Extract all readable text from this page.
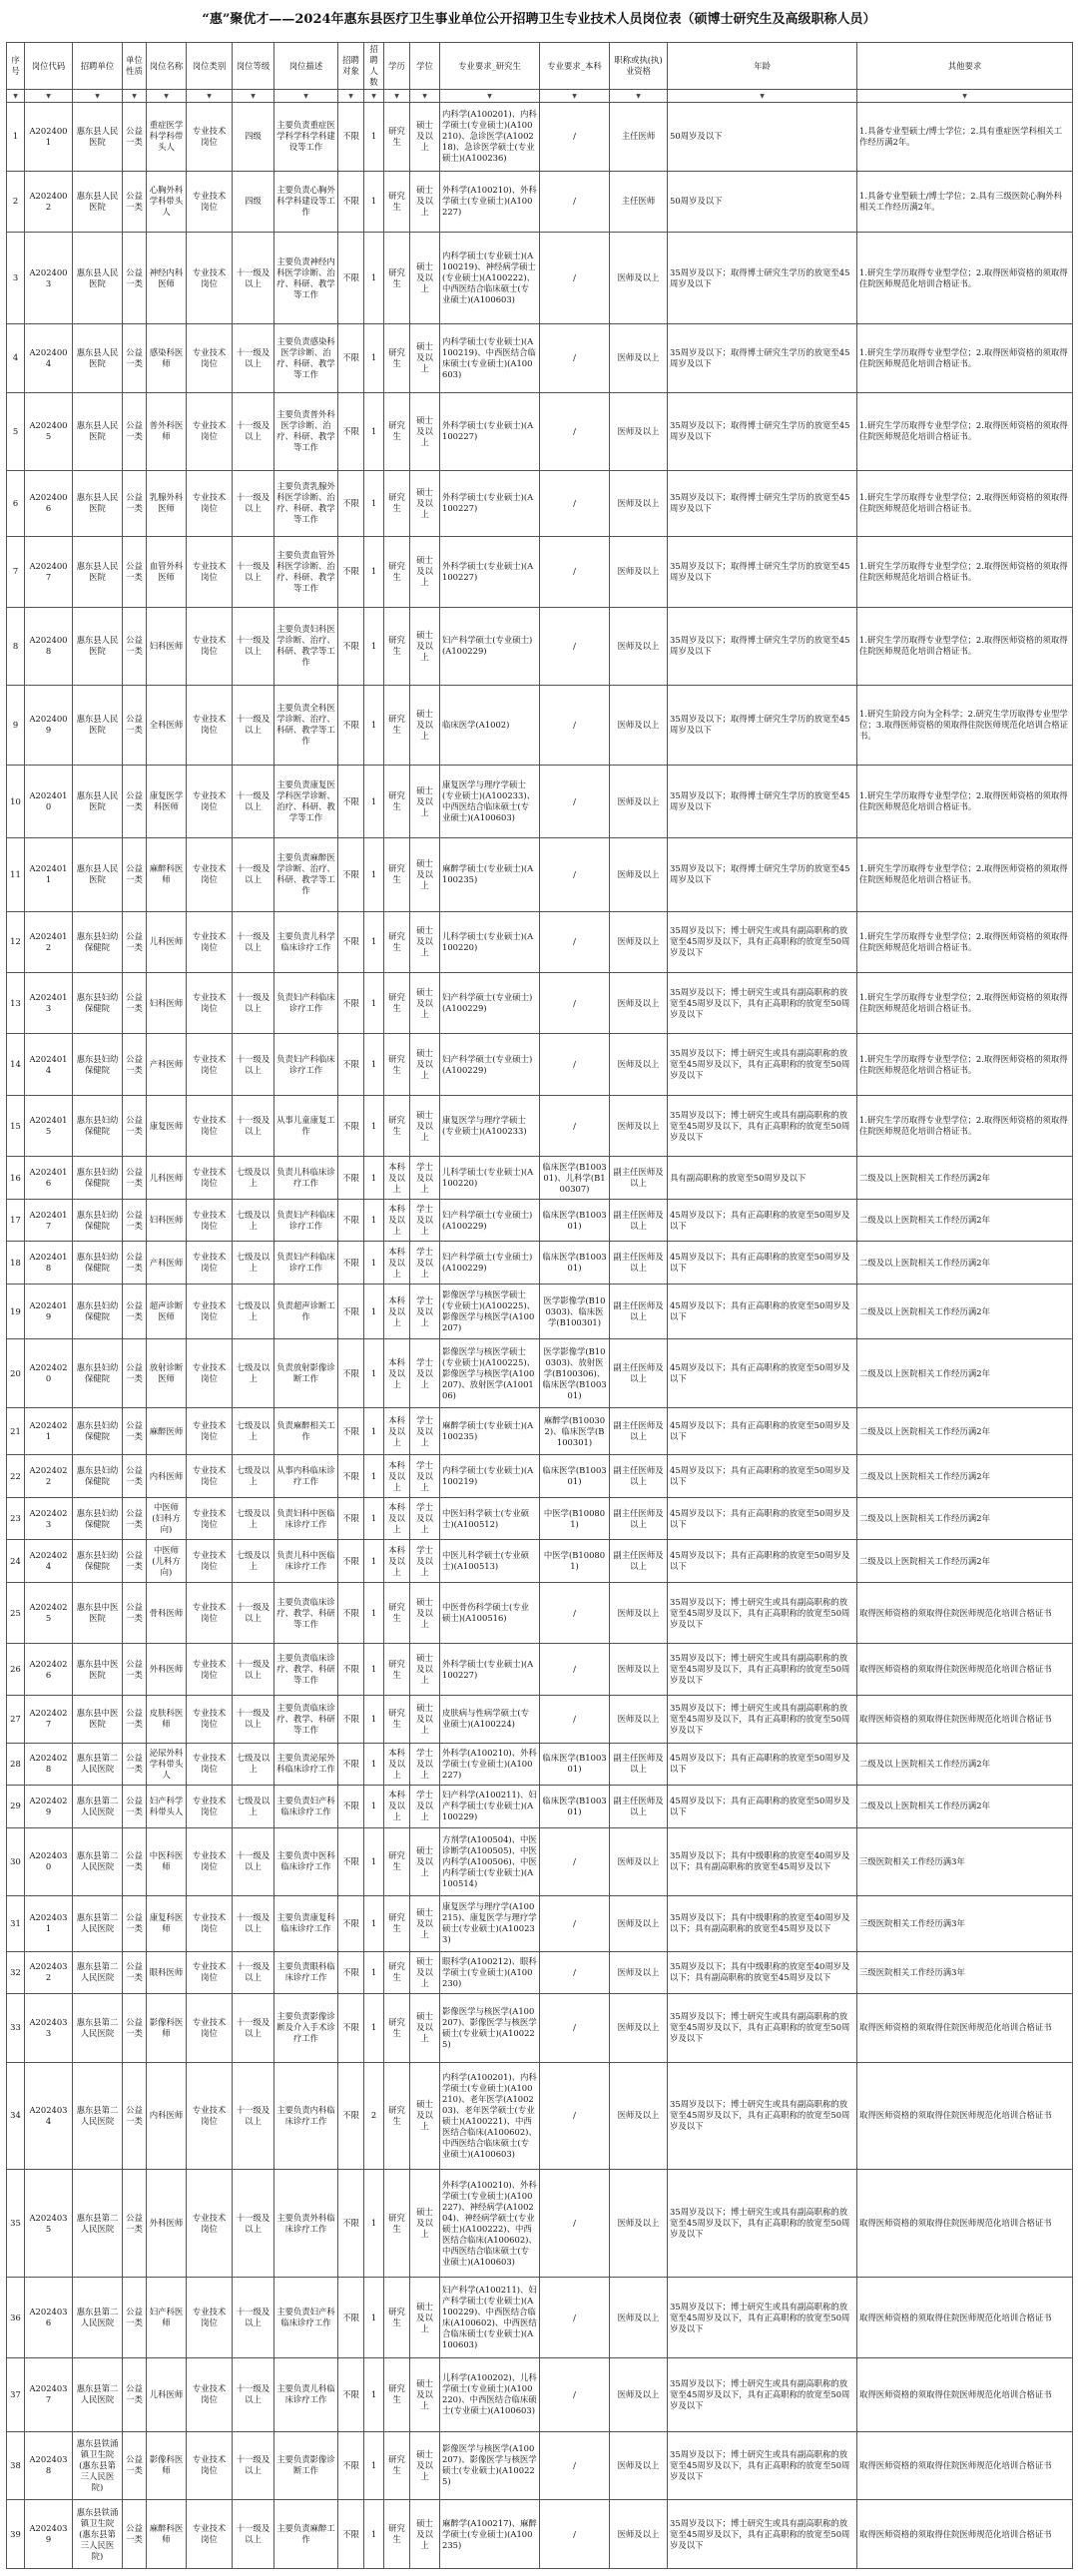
“惠”聚优才——2024年惠东县医疗卫生事业单位公开招聘卫生专业技术人员岗位表（硕博士研究生及高级职称人员）
序号	岗位代码	招聘单位	单位性质	岗位名称	岗位类别	岗位等级	岗位描述	招聘对象	招聘人数	学历	学位	专业要求_研究生	专业要求_本科	职称或执(执)业资格	年龄	其他要求
▼	▼	▼	▼	▼	▼	▼	▼	▼	▼	▼	▼	▼	▼	▼	▼	▼
1	A2024001	惠东县人民医院	公益一类	重症医学科学科带头人	专业技术岗位	四级	主要负责重症医学科学科学科建设等工作	不限	1	研究生	硕士及以上	内科学(A100201)、内科学硕士(专业硕士)(A100210)、急诊医学(A100218)、急诊医学硕士(专业硕士)(A100236)	/	主任医师	50周岁及以下	1.具备专业型硕士/博士学位；2.具有重症医学科相关工作经历满2年。
2	A2024002	惠东县人民医院	公益一类	心胸外科学科带头人	专业技术岗位	四级	主要负责心胸外科学科建设等工作	不限	1	研究生	硕士及以上	外科学(A100210)、外科学硕士(专业硕士)(A100227)	/	主任医师	50周岁及以下	1.具备专业型硕士/博士学位；2.具有三级医院心胸外科相关工作经历满2年。
3	A2024003	惠东县人民医院	公益一类	神经内科医师	专业技术岗位	十一级及以上	主要负责神经内科医学诊断、治疗、科研、教学等工作	不限	1	研究生	硕士及以上	内科学硕士(专业硕士)(A100219)、神经病学硕士(专业硕士)(A100222)、中西医结合临床硕士(专业硕士)(A100603)	/	医师及以上	35周岁及以下；取得博士研究生学历的放宽至45周岁及以下	1.研究生学历取得专业型学位；2.取得医师资格的须取得住院医师规范化培训合格证书。
4	A2024004	惠东县人民医院	公益一类	感染科医师	专业技术岗位	十一级及以上	主要负责感染科医学诊断、治疗、科研、教学等工作	不限	1	研究生	硕士及以上	内科学硕士(专业硕士)(A100219)、中西医结合临床硕士(专业硕士)(A100603)	/	医师及以上	35周岁及以下；取得博士研究生学历的放宽至45周岁及以下	1.研究生学历取得专业型学位；2.取得医师资格的须取得住院医师规范化培训合格证书。
5	A2024005	惠东县人民医院	公益一类	普外科医师	专业技术岗位	十一级及以上	主要负责普外科医学诊断、治疗、科研、教学等工作	不限	1	研究生	硕士及以上	外科学硕士(专业硕士)(A100227)	/	医师及以上	35周岁及以下；取得博士研究生学历的放宽至45周岁及以下	1.研究生学历取得专业型学位；2.取得医师资格的须取得住院医师规范化培训合格证书。
6	A2024006	惠东县人民医院	公益一类	乳腺外科医师	专业技术岗位	十一级及以上	主要负责乳腺外科医学诊断、治疗、科研、教学等工作	不限	1	研究生	硕士及以上	外科学硕士(专业硕士)(A100227)	/	医师及以上	35周岁及以下；取得博士研究生学历的放宽至45周岁及以下	1.研究生学历取得专业型学位；2.取得医师资格的须取得住院医师规范化培训合格证书。
7	A2024007	惠东县人民医院	公益一类	血管外科医师	专业技术岗位	十一级及以上	主要负责血管外科医学诊断、治疗、科研、教学等工作	不限	1	研究生	硕士及以上	外科学硕士(专业硕士)(A100227)	/	医师及以上	35周岁及以下；取得博士研究生学历的放宽至45周岁及以下	1.研究生学历取得专业型学位；2.取得医师资格的须取得住院医师规范化培训合格证书。
8	A2024008	惠东县人民医院	公益一类	妇科医师	专业技术岗位	十一级及以上	主要负责妇科医学诊断、治疗、科研、教学等工作	不限	1	研究生	硕士及以上	妇产科学硕士(专业硕士)(A100229)	/	医师及以上	35周岁及以下；取得博士研究生学历的放宽至45周岁及以下	1.研究生学历取得专业型学位；2.取得医师资格的须取得住院医师规范化培训合格证书。
9	A2024009	惠东县人民医院	公益一类	全科医师	专业技术岗位	十一级及以上	主要负责全科医学诊断、治疗、科研、教学等工作	不限	1	研究生	硕士及以上	临床医学(A1002)	/	医师及以上	35周岁及以下；取得博士研究生学历的放宽至45周岁及以下	1.研究生阶段方向为全科学；2.研究生学历取得专业型学位；3.取得医师资格的须取得住院医师规范化培训合格证书。
10	A2024010	惠东县人民医院	公益一类	康复医学科医师	专业技术岗位	十一级及以上	主要负责康复医学科医学诊断、治疗、科研、教学等工作	不限	1	研究生	硕士及以上	康复医学与理疗学硕士(专业硕士)(A100233)、中西医结合临床硕士(专业硕士)(A100603)	/	医师及以上	35周岁及以下；取得博士研究生学历的放宽至45周岁及以下	1.研究生学历取得专业型学位；2.取得医师资格的须取得住院医师规范化培训合格证书。
11	A2024011	惠东县人民医院	公益一类	麻醉科医师	专业技术岗位	十一级及以上	主要负责麻醉医学诊断、治疗、科研、教学等工作	不限	1	研究生	硕士及以上	麻醉学硕士(专业硕士)(A100235)	/	医师及以上	35周岁及以下；取得博士研究生学历的放宽至45周岁及以下	1.研究生学历取得专业型学位；2.取得医师资格的须取得住院医师规范化培训合格证书。
12	A2024012	惠东县妇幼保健院	公益一类	儿科医师	专业技术岗位	十一级及以上	主要负责儿科学临床诊疗工作	不限	1	研究生	硕士及以上	儿科学硕士(专业硕士)(A100220)	/	医师及以上	35周岁及以下；博士研究生或具有副高职称的放宽至45周岁及以下，具有正高职称的放宽至50周岁及以下	1.研究生学历取得专业型学位；2.取得医师资格的须取得住院医师规范化培训合格证书。
13	A2024013	惠东县妇幼保健院	公益一类	妇科医师	专业技术岗位	十一级及以上	负责妇产科临床诊疗工作	不限	1	研究生	硕士及以上	妇产科学硕士(专业硕士)(A100229)	/	医师及以上	35周岁及以下；博士研究生或具有副高职称的放宽至45周岁及以下，具有正高职称的放宽至50周岁及以下	1.研究生学历取得专业型学位；2.取得医师资格的须取得住院医师规范化培训合格证书。
14	A2024014	惠东县妇幼保健院	公益一类	产科医师	专业技术岗位	十一级及以上	负责妇产科临床诊疗工作	不限	1	研究生	硕士及以上	妇产科学硕士(专业硕士)(A100229)	/	医师及以上	35周岁及以下；博士研究生或具有副高职称的放宽至45周岁及以下，具有正高职称的放宽至50周岁及以下	1.研究生学历取得专业型学位；2.取得医师资格的须取得住院医师规范化培训合格证书。
15	A2024015	惠东县妇幼保健院	公益一类	康复医师	专业技术岗位	十一级及以上	从事儿童康复工作	不限	1	研究生	硕士及以上	康复医学与理疗学硕士(专业硕士)(A100233)	/	医师及以上	35周岁及以下；博士研究生或具有副高职称的放宽至45周岁及以下，具有正高职称的放宽至50周岁及以下	1.研究生学历取得专业型学位；2.取得医师资格的须取得住院医师规范化培训合格证书。
16	A2024016	惠东县妇幼保健院	公益一类	儿科医师	专业技术岗位	七级及以上	负责儿科临床诊疗工作	不限	1	本科及以上	学士及以上	儿科学硕士(专业硕士)(A100220)	临床医学(B100301)、儿科学(B100307)	副主任医师及以上	具有副高职称的放宽至50周岁及以下	二级及以上医院相关工作经历满2年
17	A2024017	惠东县妇幼保健院	公益一类	妇科医师	专业技术岗位	七级及以上	负责妇产科临床诊疗工作	不限	1	本科及以上	学士及以上	妇产科学硕士(专业硕士)(A100229)	临床医学(B100301)	副主任医师及以上	45周岁及以下；具有正高职称的放宽至50周岁及以下	二级及以上医院相关工作经历满2年
18	A2024018	惠东县妇幼保健院	公益一类	产科医师	专业技术岗位	七级及以上	负责妇产科临床诊疗工作	不限	1	本科及以上	学士及以上	妇产科学硕士(专业硕士)(A100229)	临床医学(B100301)	副主任医师及以上	45周岁及以下；具有正高职称的放宽至50周岁及以下	二级及以上医院相关工作经历满2年
19	A2024019	惠东县妇幼保健院	公益一类	超声诊断医师	专业技术岗位	七级及以上	负责超声诊断工作	不限	1	本科及以上	学士及以上	影像医学与核医学硕士(专业硕士)(A100225)、影像医学与核医学(A100207)	医学影像学(B100303)、临床医学(B100301)	副主任医师及以上	45周岁及以下；具有正高职称的放宽至50周岁及以下	二级及以上医院相关工作经历满2年
20	A2024020	惠东县妇幼保健院	公益一类	放射诊断医师	专业技术岗位	七级及以上	负责放射影像诊断工作	不限	1	本科及以上	学士及以上	影像医学与核医学硕士(专业硕士)(A100225)、影像医学与核医学(A100207)、放射医学(A100106)	医学影像学(B100303)、放射医学(B100306)、临床医学(B100301)	副主任医师及以上	45周岁及以下；具有正高职称的放宽至50周岁及以下	二级及以上医院相关工作经历满2年
21	A2024021	惠东县妇幼保健院	公益一类	麻醉医师	专业技术岗位	七级及以上	负责麻醉相关工作	不限	1	本科及以上	学士及以上	麻醉学硕士(专业硕士)(A100235)	麻醉学(B100302)、临床医学(B100301)	副主任医师及以上	45周岁及以下；具有正高职称的放宽至50周岁及以下	二级及以上医院相关工作经历满2年
22	A2024022	惠东县妇幼保健院	公益一类	内科医师	专业技术岗位	七级及以上	从事内科临床诊疗工作	不限	1	本科及以上	学士及以上	内科学硕士(专业硕士)(A100219)	临床医学(B100301)	副主任医师及以上	45周岁及以下；具有正高职称的放宽至50周岁及以下	二级及以上医院相关工作经历满2年
23	A2024023	惠东县妇幼保健院	公益一类	中医师(妇科方向)	专业技术岗位	七级及以上	负责妇科中医临床诊疗工作	不限	1	本科及以上	学士及以上	中医妇科学硕士(专业硕士)(A100512)	中医学(B100801)	副主任医师及以上	45周岁及以下；具有正高职称的放宽至50周岁及以下	二级及以上医院相关工作经历满2年
24	A2024024	惠东县妇幼保健院	公益一类	中医师(儿科方向)	专业技术岗位	七级及以上	负责儿科中医临床诊疗工作	不限	1	本科及以上	学士及以上	中医儿科学硕士(专业硕士)(A100513)	中医学(B100801)	副主任医师及以上	45周岁及以下；具有正高职称的放宽至50周岁及以下	二级及以上医院相关工作经历满2年
25	A2024025	惠东县中医医院	公益一类	骨科医师	专业技术岗位	十一级及以上	主要负责临床诊疗、教学、科研等工作	不限	1	研究生	硕士及以上	中医骨伤科学硕士(专业硕士)(A100516)	/	医师及以上	35周岁及以下；博士研究生或具有副高职称的放宽至45周岁及以下，具有正高职称的放宽至50周岁及以下	取得医师资格的须取得住院医师规范化培训合格证书
26	A2024026	惠东县中医医院	公益一类	外科医师	专业技术岗位	十一级及以上	主要负责临床诊疗、教学、科研等工作	不限	1	研究生	硕士及以上	外科学硕士(专业硕士)(A100227)	/	医师及以上	35周岁及以下；博士研究生或具有副高职称的放宽至45周岁及以下，具有正高职称的放宽至50周岁及以下	取得医师资格的须取得住院医师规范化培训合格证书
27	A2024027	惠东县中医医院	公益一类	皮肤科医师	专业技术岗位	十一级及以上	主要负责临床诊疗、教学、科研等工作	不限	1	研究生	硕士及以上	皮肤病与性病学硕士(专业硕士)(A100224)	/	医师及以上	35周岁及以下；博士研究生或具有副高职称的放宽至45周岁及以下，具有正高职称的放宽至50周岁及以下	取得医师资格的须取得住院医师规范化培训合格证书
28	A2024028	惠东县第二人民医院	公益一类	泌尿外科学科带头人	专业技术岗位	七级及以上	主要负责泌尿外科临床诊疗工作	不限	1	本科及以上	学士及以上	外科学(A100210)、外科学硕士(专业硕士)(A100227)	临床医学(B100301)	副主任医师及以上	45周岁及以下；具有正高职称的放宽至50周岁及以下	二级及以上医院相关工作经历满2年
29	A2024029	惠东县第二人民医院	公益一类	妇产科学科带头人	专业技术岗位	七级及以上	主要负责妇产科临床诊疗工作	不限	1	本科及以上	学士及以上	妇产科学(A100211)、妇产科学硕士(专业硕士)(A100229)	临床医学(B100301)	副主任医师及以上	45周岁及以下；具有正高职称的放宽至50周岁及以下	二级及以上医院相关工作经历满2年
30	A2024030	惠东县第二人民医院	公益一类	中医科医师	专业技术岗位	十一级及以上	主要负责中医科临床诊疗工作	不限	1	研究生	硕士及以上	方剂学(A100504)、中医诊断学(A100505)、中医内科学(A100506)、中医内科学硕士(专业硕士)(A100514)	/	医师及以上	35周岁及以下；具有中级职称的放宽至40周岁及以下；具有副高职称的放宽至45周岁及以下	三级医院相关工作经历满3年
31	A2024031	惠东县第二人民医院	公益一类	康复科医师	专业技术岗位	十一级及以上	主要负责康复科临床诊疗工作	不限	1	研究生	硕士及以上	康复医学与理疗学(A100215)、康复医学与理疗学硕士(专业硕士)(A100233)	/	医师及以上	35周岁及以下；具有中级职称的放宽至40周岁及以下；具有副高职称的放宽至45周岁及以下	三级医院相关工作经历满3年
32	A2024032	惠东县第二人民医院	公益一类	眼科医师	专业技术岗位	十一级及以上	主要负责眼科临床诊疗工作	不限	1	研究生	硕士及以上	眼科学(A100212)、眼科学硕士(专业硕士)(A100230)	/	医师及以上	35周岁及以下；具有中级职称的放宽至40周岁及以下；具有副高职称的放宽至45周岁及以下	三级医院相关工作经历满3年
33	A2024033	惠东县第二人民医院	公益一类	影像科医师	专业技术岗位	十一级及以上	主要负责影像诊断及介入手术诊疗工作	不限	1	研究生	硕士及以上	影像医学与核医学(A100207)、影像医学与核医学硕士(专业硕士)(A100225)	/	医师及以上	35周岁及以下；博士研究生或具有副高职称的放宽至45周岁及以下，具有正高职称的放宽至50周岁及以下	取得医师资格的须取得住院医师规范化培训合格证书
34	A2024034	惠东县第二人民医院	公益一类	内科医师	专业技术岗位	十一级及以上	主要负责内科临床诊疗工作	不限	2	研究生	硕士及以上	内科学(A100201)、内科学硕士(专业硕士)(A100210)、老年医学(A100203)、老年医学硕士(专业硕士)(A100221)、中西医结合临床(A100602)、中西医结合临床硕士(专业硕士)(A100603)	/	医师及以上	35周岁及以下；博士研究生或具有副高职称的放宽至45周岁及以下，具有正高职称的放宽至50周岁及以下	取得医师资格的须取得住院医师规范化培训合格证书
35	A2024035	惠东县第二人民医院	公益一类	外科医师	专业技术岗位	十一级及以上	主要负责外科临床诊疗工作	不限	1	研究生	硕士及以上	外科学(A100210)、外科学硕士(专业硕士)(A100227)、神经病学(A100204)、神经病学硕士(专业硕士)(A100222)、中西医结合临床(A100602)、中西医结合临床硕士(专业硕士)(A100603)	/	医师及以上	35周岁及以下；博士研究生或具有副高职称的放宽至45周岁及以下，具有正高职称的放宽至50周岁及以下	取得医师资格的须取得住院医师规范化培训合格证书
36	A2024036	惠东县第二人民医院	公益一类	妇产科医师	专业技术岗位	十一级及以上	主要负责妇产科临床诊疗工作	不限	1	研究生	硕士及以上	妇产科学(A100211)、妇产科学硕士(专业硕士)(A100229)、中西医结合临床(A100602)、中西医结合临床硕士(专业硕士)(A100603)	/	医师及以上	35周岁及以下；博士研究生或具有副高职称的放宽至45周岁及以下，具有正高职称的放宽至50周岁及以下	取得医师资格的须取得住院医师规范化培训合格证书
37	A2024037	惠东县第二人民医院	公益一类	儿科医师	专业技术岗位	十一级及以上	主要负责儿科临床诊疗工作	不限	1	研究生	硕士及以上	儿科学(A100202)、儿科学硕士(专业硕士)(A100220)、中西医结合临床硕士(专业硕士)(A100603)	/	医师及以上	35周岁及以下；博士研究生或具有副高职称的放宽至45周岁及以下，具有正高职称的放宽至50周岁及以下	取得医师资格的须取得住院医师规范化培训合格证书
38	A2024038	惠东县铁涌镇卫生院(惠东县第三人民医院)	公益一类	影像科医师	专业技术岗位	十一级及以上	主要负责影像诊断工作	不限	1	研究生	硕士及以上	影像医学与核医学(A100207)、影像医学与核医学硕士(专业硕士)(A100225)	/	医师及以上	35周岁及以下；博士研究生或具有副高职称的放宽至45周岁及以下，具有正高职称的放宽至50周岁及以下	取得医师资格的须取得住院医师规范化培训合格证书
39	A2024039	惠东县铁涌镇卫生院(惠东县第三人民医院)	公益一类	麻醉科医师	专业技术岗位	十一级及以上	主要负责麻醉工作	不限	1	研究生	硕士及以上	麻醉学(A100217)、麻醉学硕士(专业硕士)(A100235)	/	医师及以上	35周岁及以下；博士研究生或具有副高职称的放宽至45周岁及以下，具有正高职称的放宽至50周岁及以下	取得医师资格的须取得住院医师规范化培训合格证书
